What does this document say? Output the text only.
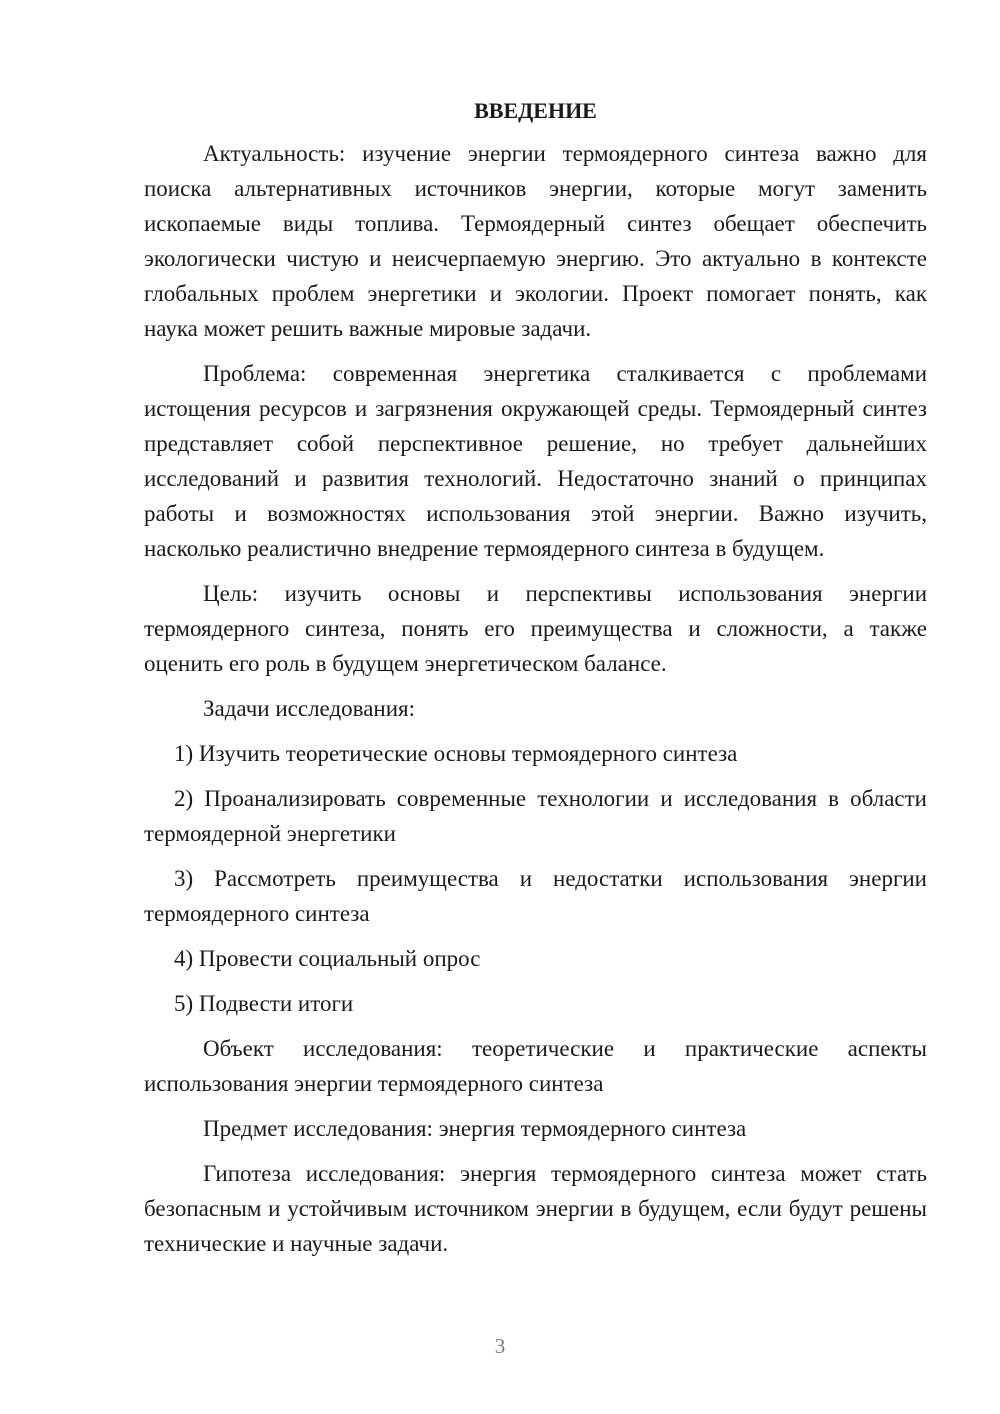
ВВЕДЕНИЕ

Актуальность: изучение энергии термоядерного синтеза важно для поиска альтернативных источников энергии, которые могут заменить ископаемые виды топлива. Термоядерный синтез обещает обеспечить экологически чистую и неисчерпаемую энергию. Это актуально в контексте глобальных проблем энергетики и экологии. Проект помогает понять, как наука может решить важные мировые задачи.

Проблема: современная энергетика сталкивается с проблемами истощения ресурсов и загрязнения окружающей среды. Термоядерный синтез представляет собой перспективное решение, но требует дальнейших исследований и развития технологий. Недостаточно знаний о принципах работы и возможностях использования этой энергии. Важно изучить, насколько реалистично внедрение термоядерного синтеза в будущем.

Цель: изучить основы и перспективы использования энергии термоядерного синтеза, понять его преимущества и сложности, а также оценить его роль в будущем энергетическом балансе.

Задачи исследования:

1) Изучить теоретические основы термоядерного синтеза

2) Проанализировать современные технологии и исследования в области термоядерной энергетики

3) Рассмотреть преимущества и недостатки использования энергии термоядерного синтеза

4) Провести социальный опрос

5) Подвести итоги

Объект исследования: теоретические и практические аспекты использования энергии термоядерного синтеза

Предмет исследования: энергия термоядерного синтеза

Гипотеза исследования: энергия термоядерного синтеза может стать безопасным и устойчивым источником энергии в будущем, если будут решены технические и научные задачи.

3
